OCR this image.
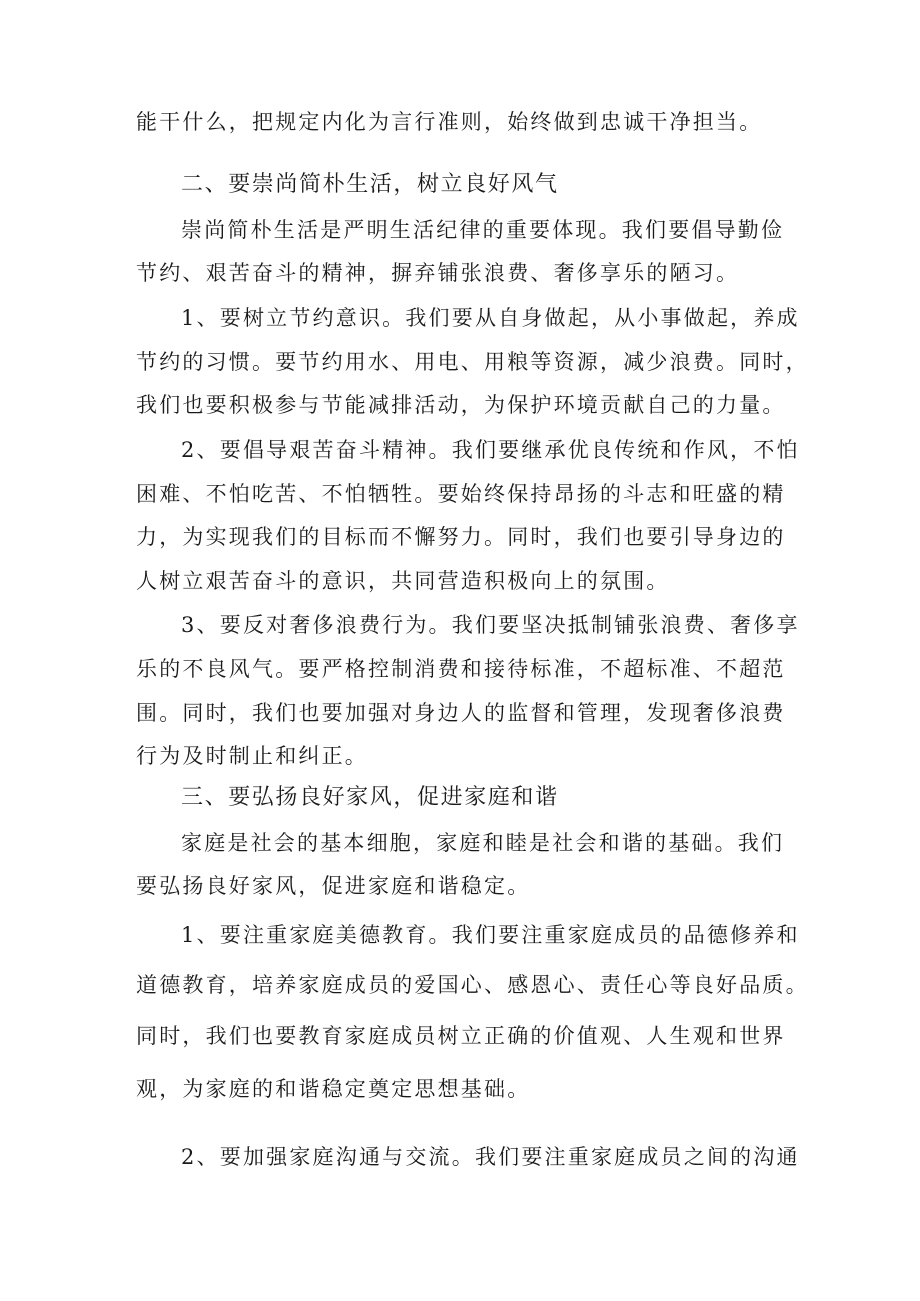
能干什么，把规定内化为言行准则，始终做到忠诚干净担当。

二、要崇尚简朴生活，树立良好风气

崇尚简朴生活是严明生活纪律的重要体现。我们要倡导勤俭

节约、艰苦奋斗的精神，摒弃铺张浪费、奢侈享乐的陋习。

1、要树立节约意识。我们要从自身做起，从小事做起，养成

节约的习惯。要节约用水、用电、用粮等资源，减少浪费。同时，

我们也要积极参与节能减排活动，为保护环境贡献自己的力量。

2、要倡导艰苦奋斗精神。我们要继承优良传统和作风，不怕

困难、不怕吃苦、不怕牺牲。要始终保持昂扬的斗志和旺盛的精

力，为实现我们的目标而不懈努力。同时，我们也要引导身边的

人树立艰苦奋斗的意识，共同营造积极向上的氛围。

3、要反对奢侈浪费行为。我们要坚决抵制铺张浪费、奢侈享

乐的不良风气。要严格控制消费和接待标准，不超标准、不超范

围。同时，我们也要加强对身边人的监督和管理，发现奢侈浪费

行为及时制止和纠正。

三、要弘扬良好家风，促进家庭和谐

家庭是社会的基本细胞，家庭和睦是社会和谐的基础。我们

要弘扬良好家风，促进家庭和谐稳定。

1、要注重家庭美德教育。我们要注重家庭成员的品德修养和

道德教育，培养家庭成员的爱国心、感恩心、责任心等良好品质。

同时，我们也要教育家庭成员树立正确的价值观、人生观和世界

观，为家庭的和谐稳定奠定思想基础。

2、要加强家庭沟通与交流。我们要注重家庭成员之间的沟通
